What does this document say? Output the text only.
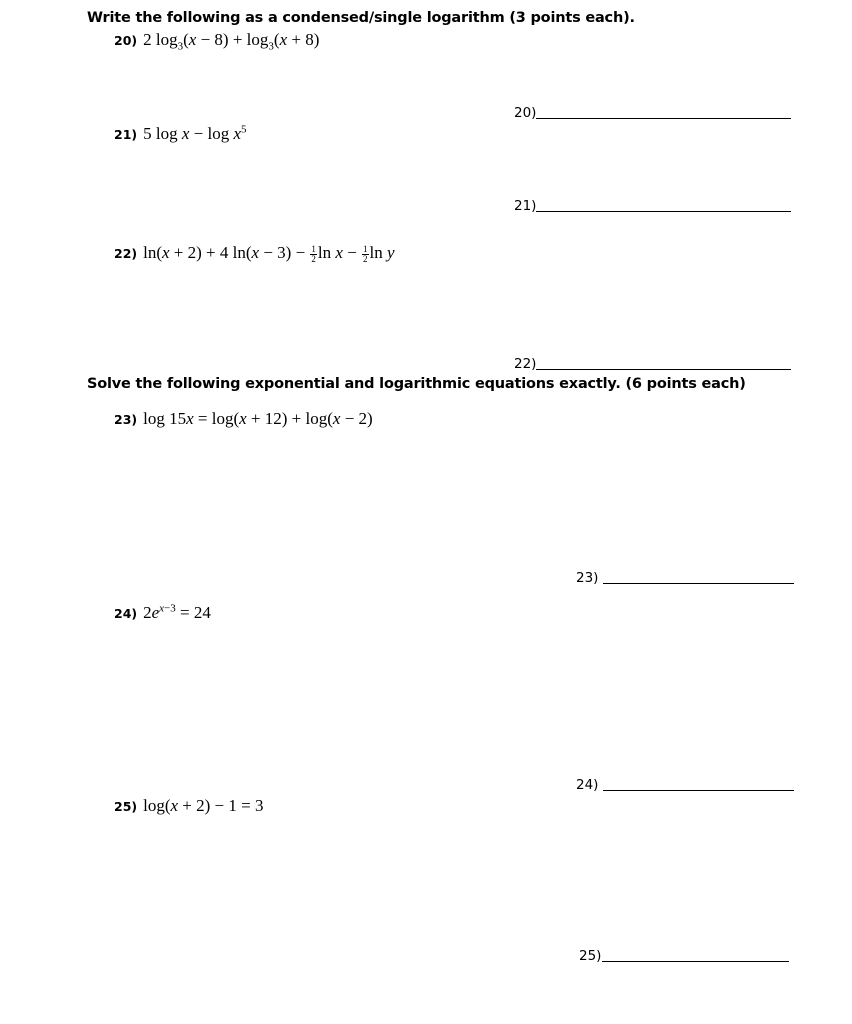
Write the following as a condensed/single logarithm (3 points each).
20) 2 $\log_3(x - 8) + \log_3(x + 8)$
20)
21) 5 $\log x - \log x^5$
21)
22) ln(x + 2) + 4 $\ln(x - 3) - \frac{1}{2}$ $\ln x - \frac{1}{2}$ ln y
22)
Solve the following exponential and logarithmic equations exactly. (6 points each)
23) log 15x = log(x + 12) + log(x − 2)
23)
24) $2e^{x-3} = 24$
24)
25) log(x + 2) − 1 = 3
25)
